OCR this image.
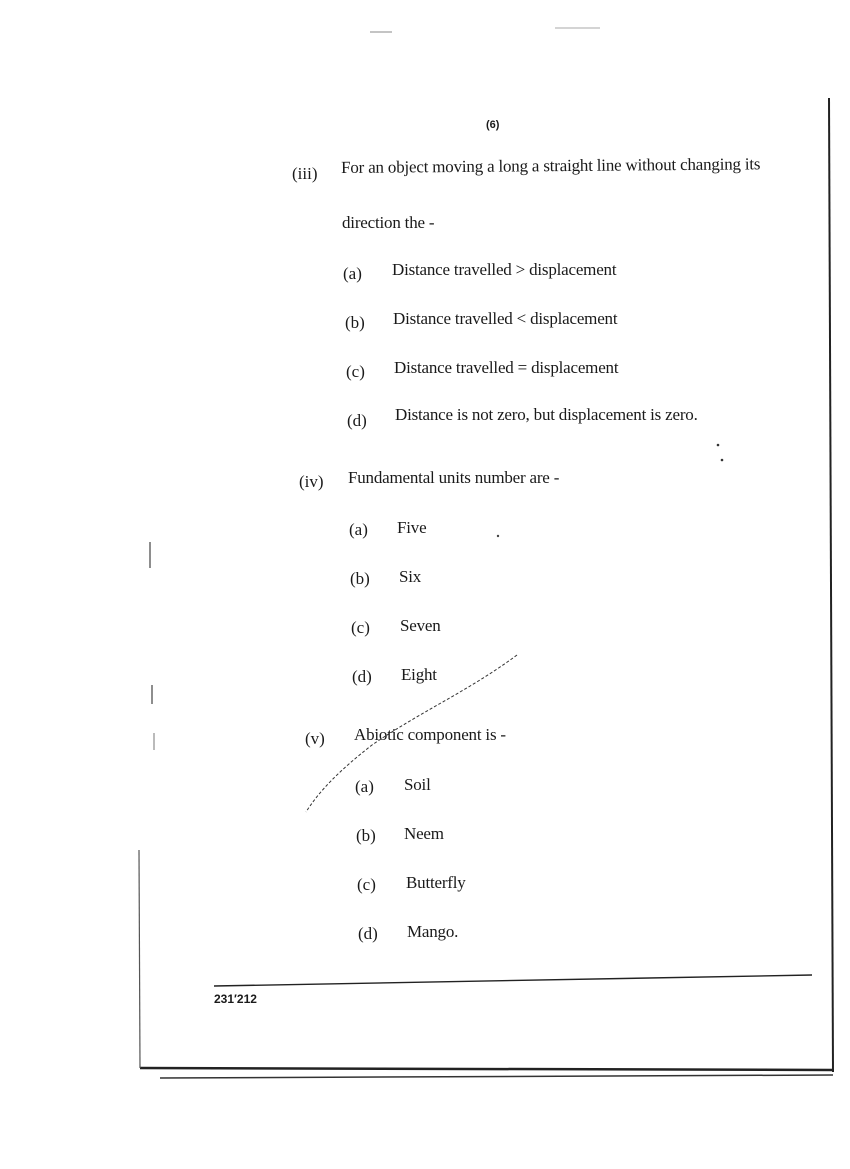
(6)
(iii) For an object moving a long a straight line without changing its
direction the -
(a) Distance travelled > displacement
(b) Distance travelled < displacement
(c) Distance travelled = displacement
(d) Distance is not zero, but displacement is zero.
(iv) Fundamental units number are -
(a) Five
(b) Six
(c) Seven
(d) Eight
(v) Abiotic component is -
(a) Soil
(b) Neem
(c) Butterfly
(d) Mango.
231′212
